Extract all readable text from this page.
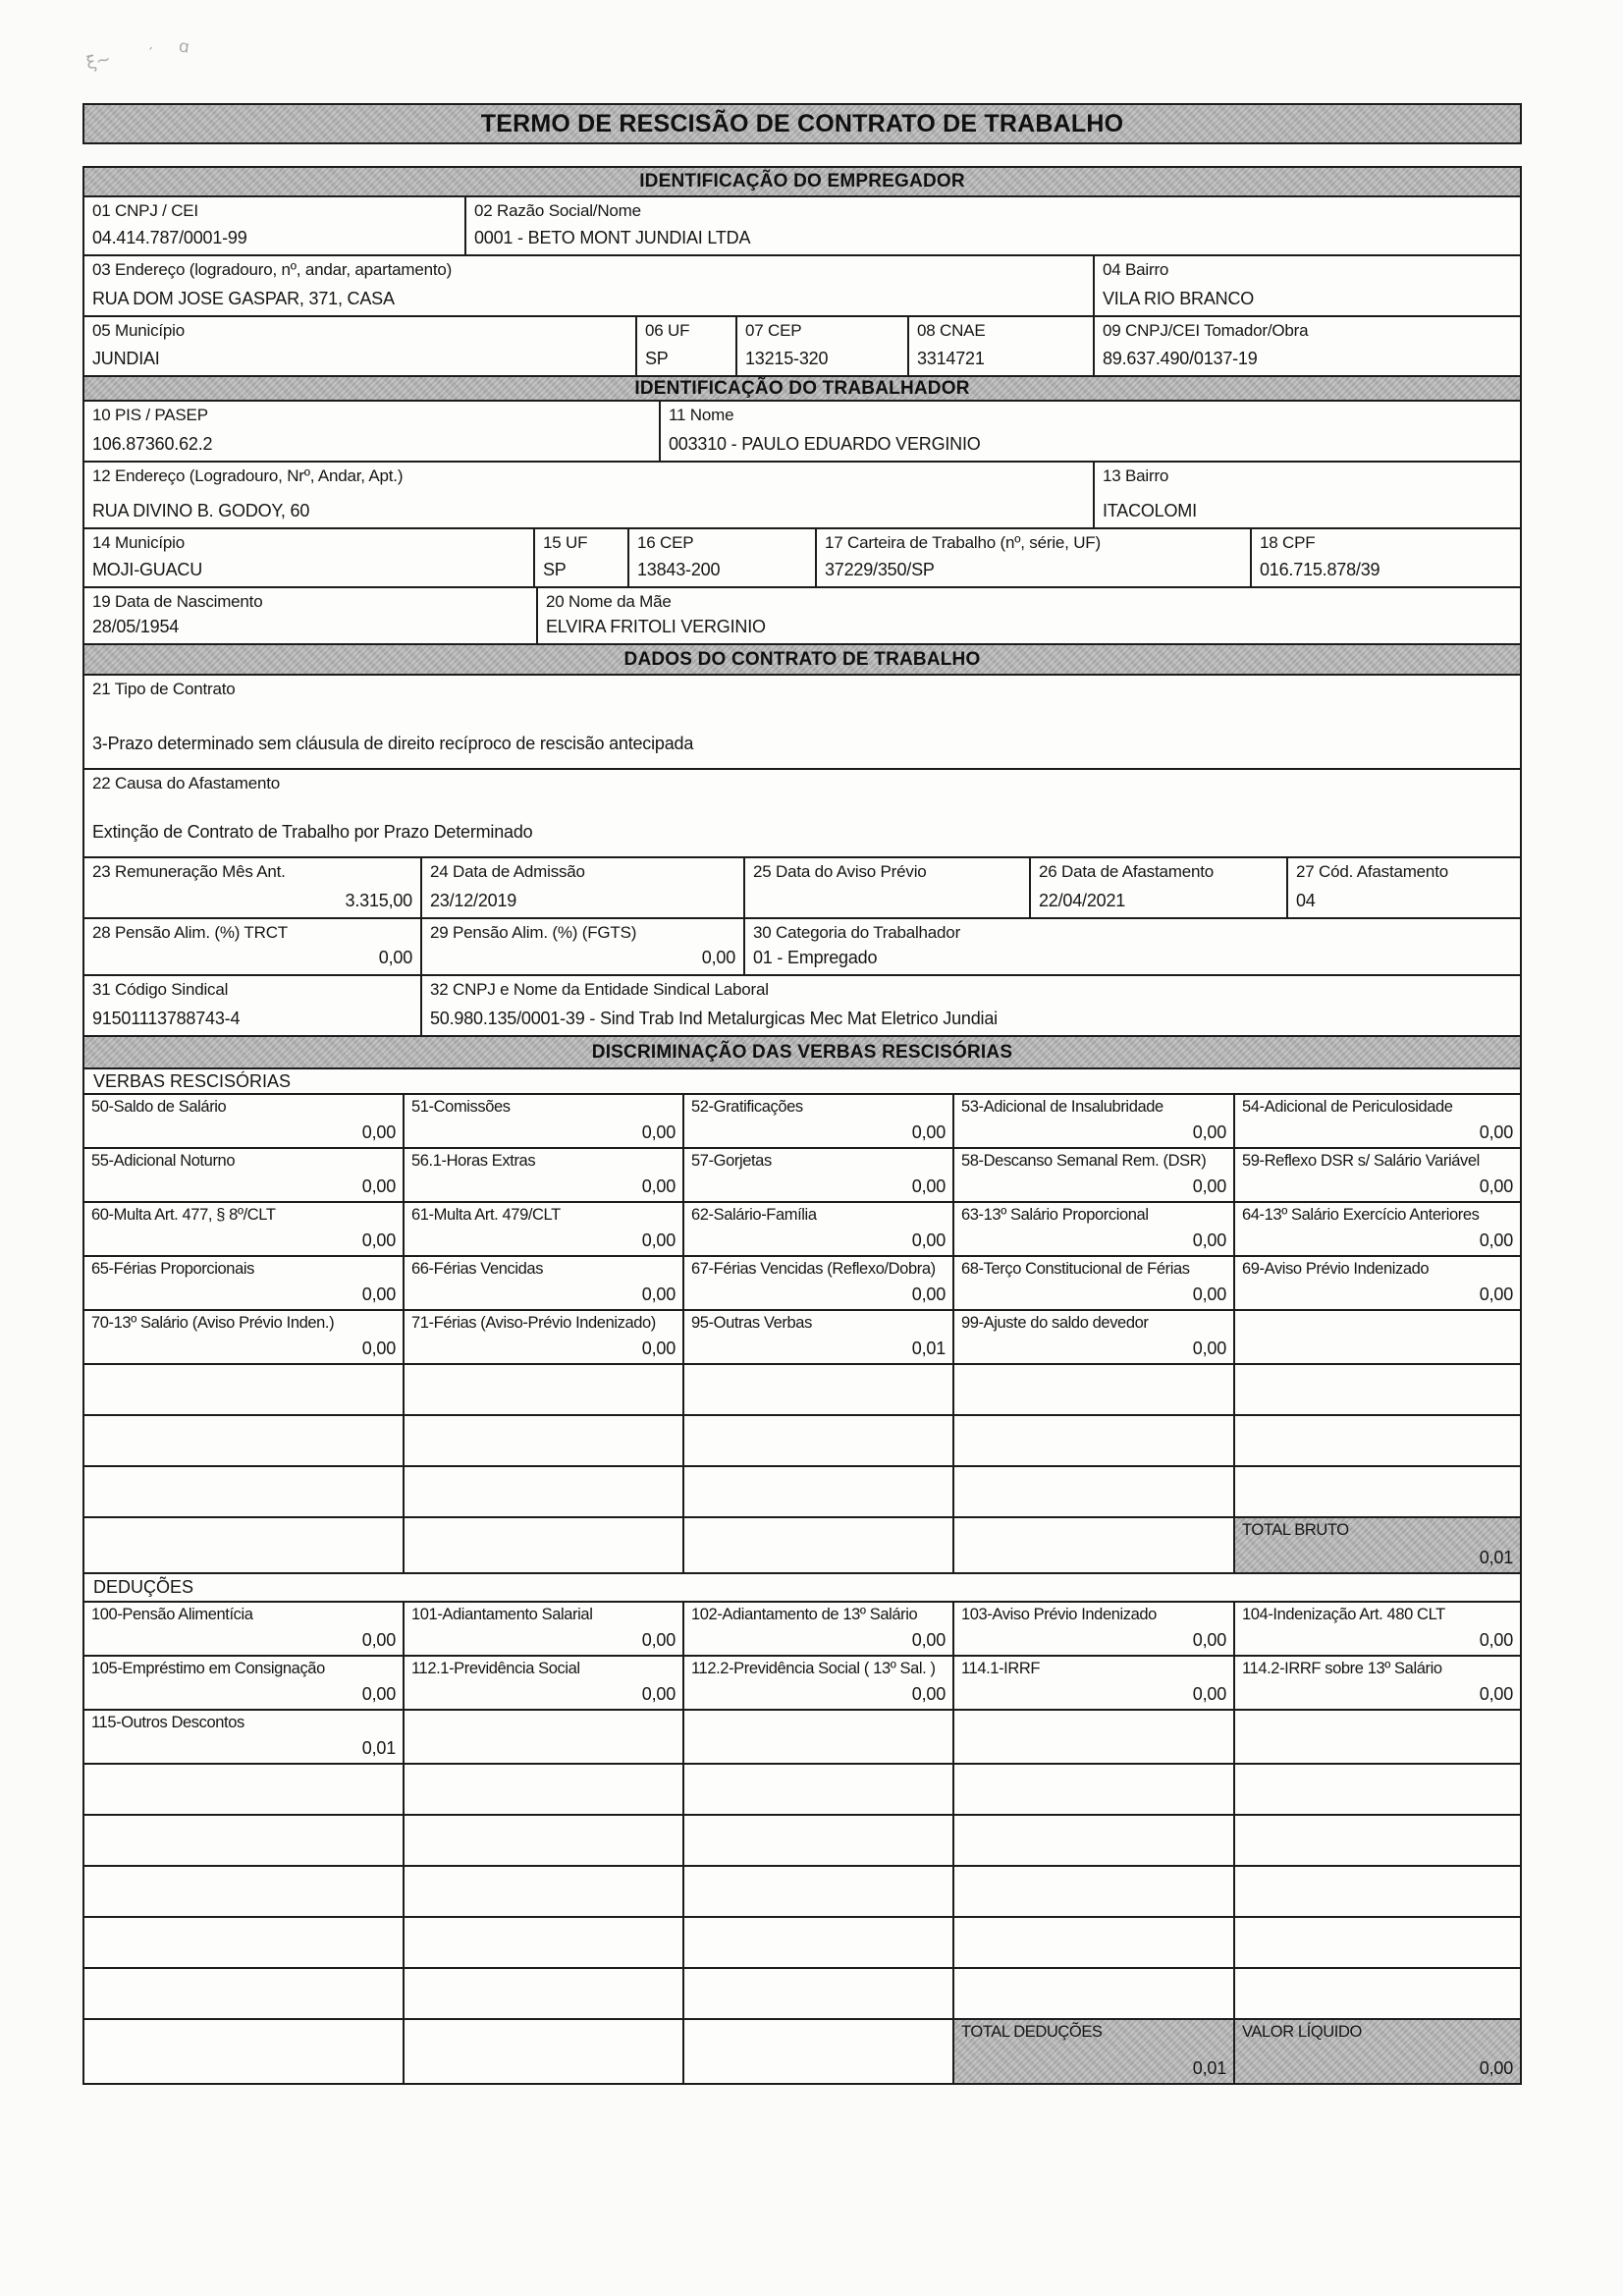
ξ~	’ ɑ
TERMO DE RESCISÃO DE CONTRATO DE TRABALHO
IDENTIFICAÇÃO DO EMPREGADOR
01 CNPJ / CEI
04.414.787/0001-99
02 Razão Social/Nome
0001 - BETO MONT JUNDIAI LTDA
03 Endereço (logradouro, nº, andar, apartamento)
RUA DOM JOSE GASPAR, 371, CASA
04 Bairro
VILA RIO BRANCO
05 Município
JUNDIAI
06 UF
SP
07 CEP
13215-320
08 CNAE
3314721
09 CNPJ/CEI Tomador/Obra
89.637.490/0137-19
IDENTIFICAÇÃO DO TRABALHADOR
10 PIS / PASEP
106.87360.62.2
11 Nome
003310 - PAULO EDUARDO VERGINIO
12 Endereço (Logradouro, Nrº, Andar, Apt.)
RUA DIVINO B. GODOY, 60
13 Bairro
ITACOLOMI
14 Município
MOJI-GUACU
15 UF
SP
16 CEP
13843-200
17 Carteira de Trabalho (nº, série, UF)
37229/350/SP
18 CPF
016.715.878/39
19 Data de Nascimento
28/05/1954
20 Nome da Mãe
ELVIRA FRITOLI VERGINIO
DADOS DO CONTRATO DE TRABALHO
21 Tipo de Contrato
3-Prazo determinado sem cláusula de direito recíproco de rescisão antecipada
22 Causa do Afastamento
Extinção de Contrato de Trabalho por Prazo Determinado
23 Remuneração Mês Ant.
3.315,00
24 Data de Admissão
23/12/2019
25 Data do Aviso Prévio	26 Data de Afastamento
22/04/2021
27 Cód. Afastamento
04
28 Pensão Alim. (%) TRCT
0,00
29 Pensão Alim. (%) (FGTS)
0,00
30 Categoria do Trabalhador
01 - Empregado
31 Código Sindical
91501113788743-4
32 CNPJ e Nome da Entidade Sindical Laboral
50.980.135/0001-39 - Sind Trab Ind Metalurgicas Mec Mat Eletrico Jundiai
DISCRIMINAÇÃO DAS VERBAS RESCISÓRIAS
VERBAS RESCISÓRIAS
50-Saldo de Salário
0,00
51-Comissões
0,00
52-Gratificações
0,00
53-Adicional de Insalubridade
0,00
54-Adicional de Periculosidade
0,00
55-Adicional Noturno
0,00
56.1-Horas Extras
0,00
57-Gorjetas
0,00
58-Descanso Semanal Rem. (DSR)
0,00
59-Reflexo DSR s/ Salário Variável
0,00
60-Multa Art. 477, § 8º/CLT
0,00
61-Multa Art. 479/CLT
0,00
62-Salário-Família
0,00
63-13º Salário Proporcional
0,00
64-13º Salário Exercício Anteriores
0,00
65-Férias Proporcionais
0,00
66-Férias Vencidas
0,00
67-Férias Vencidas (Reflexo/Dobra)
0,00
68-Terço Constitucional de Férias
0,00
69-Aviso Prévio Indenizado
0,00
70-13º Salário (Aviso Prévio Inden.)
0,00
71-Férias (Aviso-Prévio Indenizado)
0,00
95-Outras Verbas
0,01
99-Ajuste do saldo devedor
0,00
TOTAL BRUTO
0,01
DEDUÇÕES
100-Pensão Alimentícia
0,00
101-Adiantamento Salarial
0,00
102-Adiantamento de 13º Salário
0,00
103-Aviso Prévio Indenizado
0,00
104-Indenização Art. 480 CLT
0,00
105-Empréstimo em Consignação
0,00
112.1-Previdência Social
0,00
112.2-Previdência Social ( 13º Sal. )
0,00
114.1-IRRF
0,00
114.2-IRRF sobre 13º Salário
0,00
115-Outros Descontos
0,01
TOTAL DEDUÇÕES
0,01
VALOR LÍQUIDO
0,00
